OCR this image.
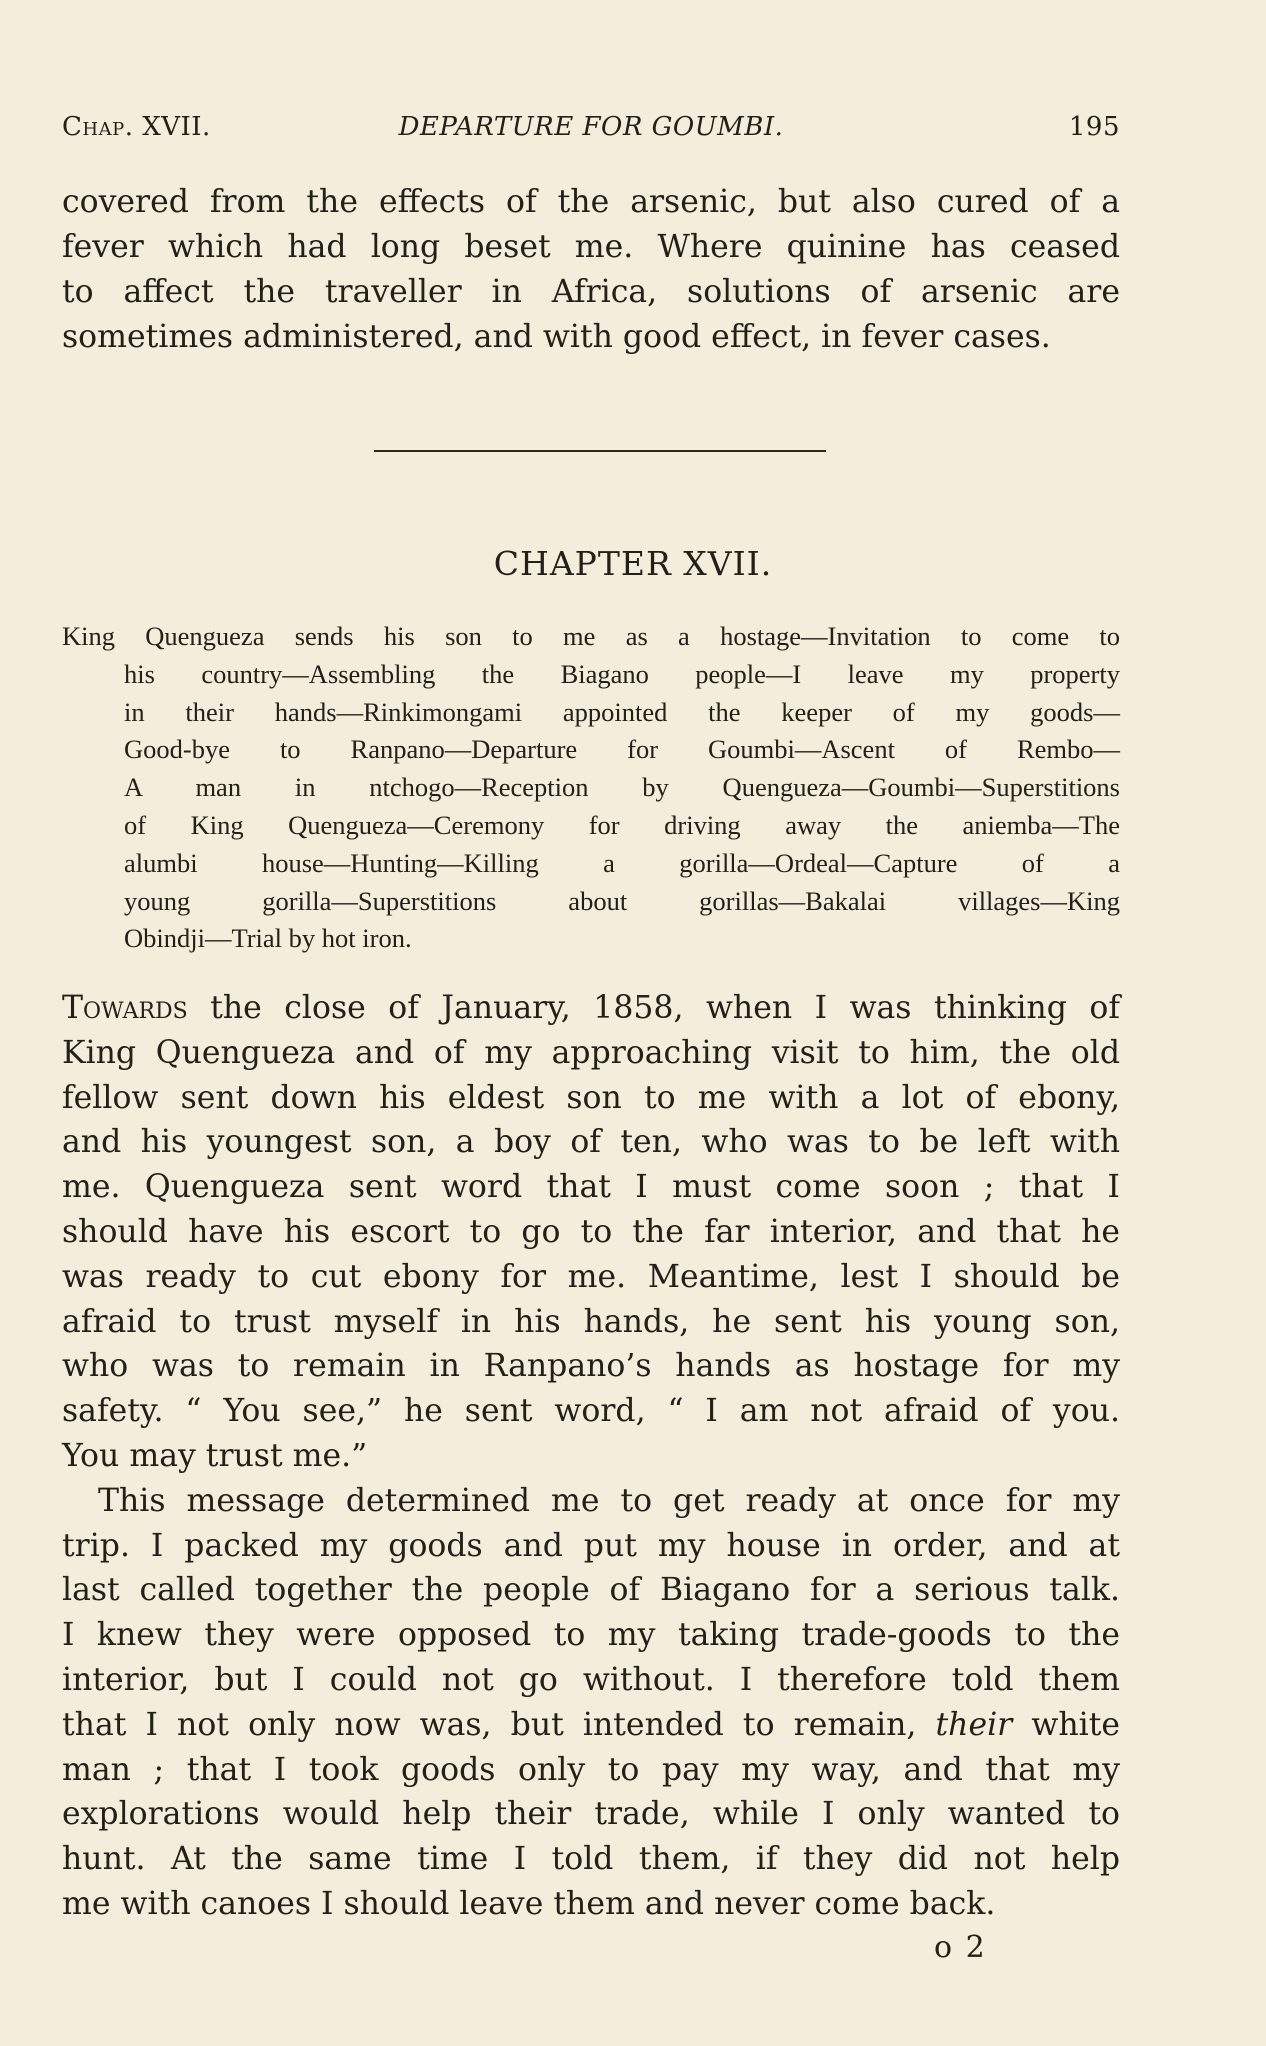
Chap. XVII.	DEPARTURE FOR GOUMBI.	195
covered from the effects of the arsenic, but also cured of a
fever which had long beset me. Where quinine has ceased
to affect the traveller in Africa, solutions of arsenic are
sometimes administered, and with good effect, in fever cases.
CHAPTER XVII.
King Quengueza sends his son to me as a hostage—Invitation to come to
his country—Assembling the Biagano people—I leave my property
in their hands—Rinkimongami appointed the keeper of my goods—
Good-bye to Ranpano—Departure for Goumbi—Ascent of Rembo—
A man in ntchogo—Reception by Quengueza—Goumbi—Superstitions
of King Quengueza—Ceremony for driving away the aniemba—The
alumbi house—Hunting—Killing a gorilla—Ordeal—Capture of a
young gorilla—Superstitions about gorillas—Bakalai villages—King
Obindji—Trial by hot iron.
Towards the close of January, 1858, when I was thinking of
King Quengueza and of my approaching visit to him, the old
fellow sent down his eldest son to me with a lot of ebony,
and his youngest son, a boy of ten, who was to be left with
me. Quengueza sent word that I must come soon ; that I
should have his escort to go to the far interior, and that he
was ready to cut ebony for me. Meantime, lest I should be
afraid to trust myself in his hands, he sent his young son,
who was to remain in Ranpano’s hands as hostage for my
safety. “ You see,” he sent word, “ I am not afraid of you.
You may trust me.”
This message determined me to get ready at once for my
trip. I packed my goods and put my house in order, and at
last called together the people of Biagano for a serious talk.
I knew they were opposed to my taking trade-goods to the
interior, but I could not go without. I therefore told them
that I not only now was, but intended to remain, their white
man ; that I took goods only to pay my way, and that my
explorations would help their trade, while I only wanted to
hunt. At the same time I told them, if they did not help
me with canoes I should leave them and never come back.
o 2
